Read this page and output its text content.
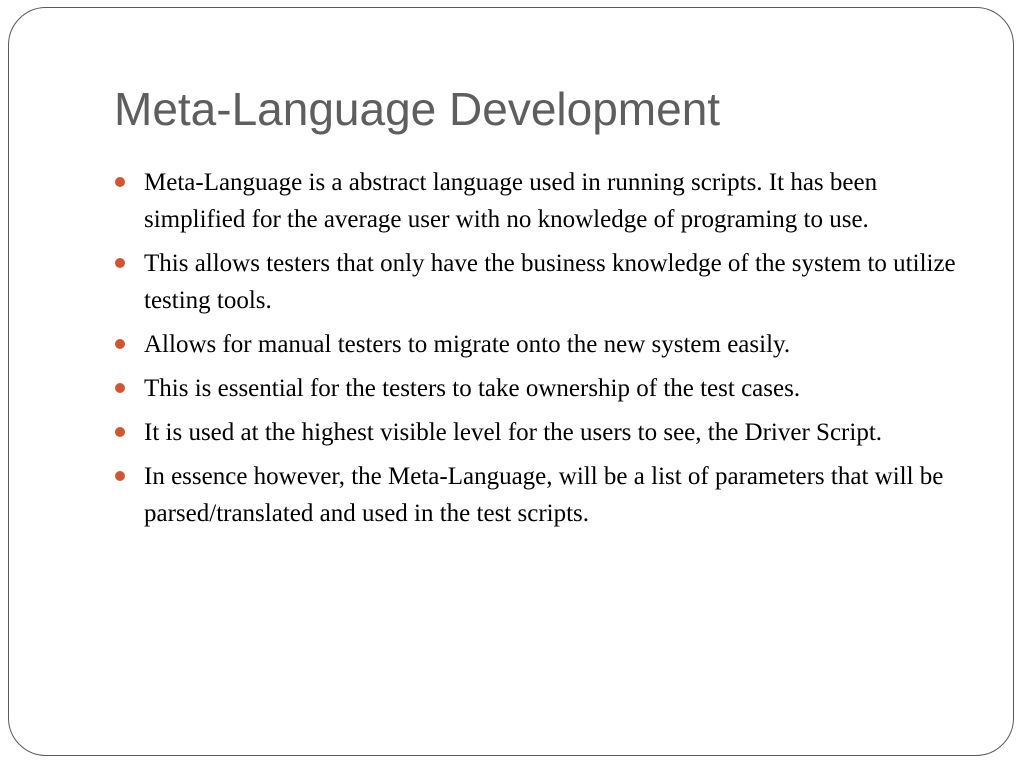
Meta-Language Development
Meta-Language is a abstract language used in running scripts. It has been simplified for the average user with no knowledge of programing to use.
This allows testers that only have the business knowledge of the system to utilize testing tools.
Allows for manual testers to migrate onto the new system easily.
This is essential for the testers to take ownership of the test cases.
It is used at the highest visible level for the users to see, the Driver Script.
In essence however, the Meta-Language, will be a list of parameters that will be parsed/translated and used in the test scripts.
